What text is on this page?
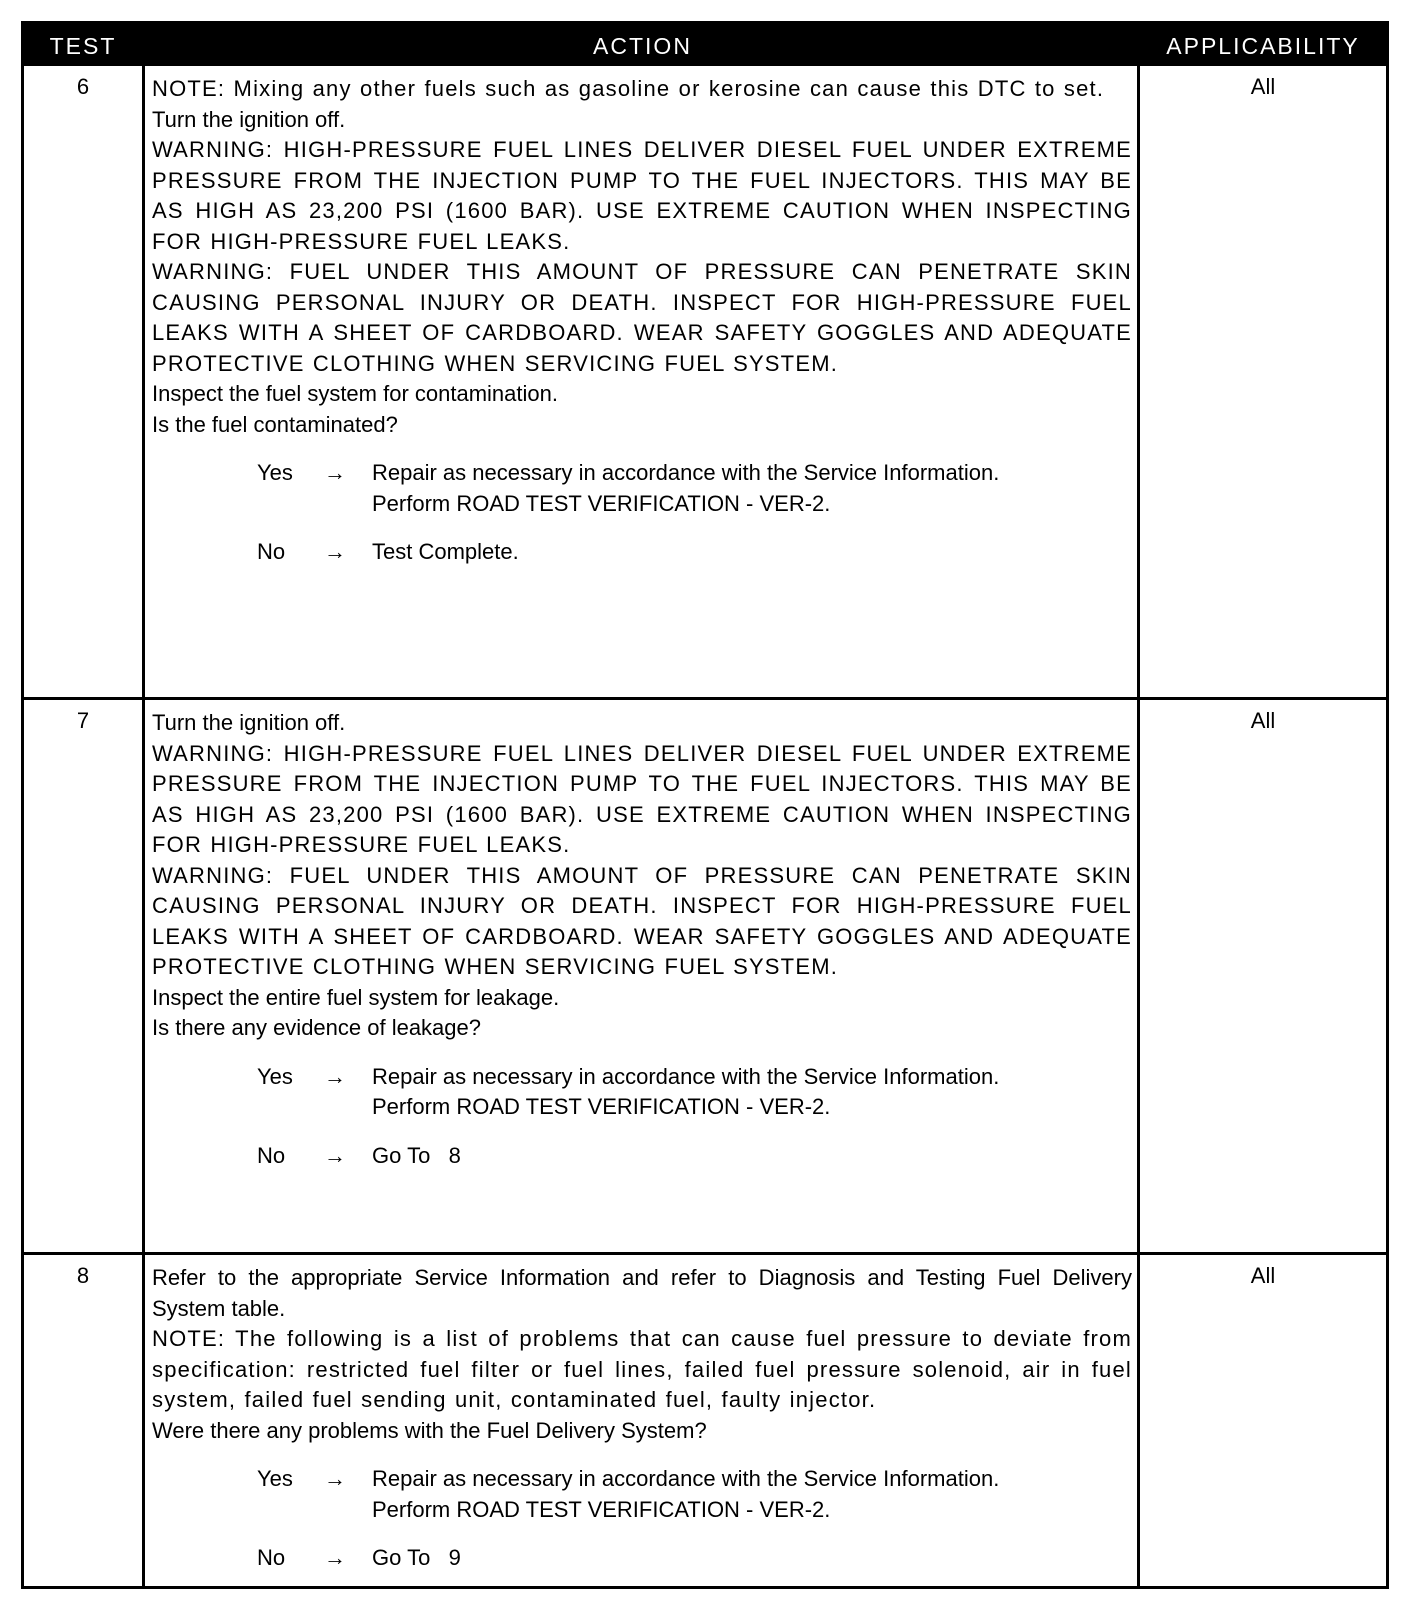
TEST	ACTION	APPLICABILITY
6	NOTE: Mixing any other fuels such as gasoline or kerosine can cause this DTC to set.

Turn the ignition off.

WARNING: HIGH-PRESSURE FUEL LINES DELIVER DIESEL FUEL UNDER EXTREME PRESSURE FROM THE INJECTION PUMP TO THE FUEL INJECTORS. THIS MAY BE AS HIGH AS 23,200 PSI (1600 BAR). USE EXTREME CAUTION WHEN INSPECTING FOR HIGH-PRESSURE FUEL LEAKS.

WARNING: FUEL UNDER THIS AMOUNT OF PRESSURE CAN PENETRATE SKIN CAUSING PERSONAL INJURY OR DEATH. INSPECT FOR HIGH-PRESSURE FUEL LEAKS WITH A SHEET OF CARDBOARD. WEAR SAFETY GOGGLES AND ADEQUATE PROTECTIVE CLOTHING WHEN SERVICING FUEL SYSTEM.

Inspect the fuel system for contamination.

Is the fuel contaminated?

Yes	→	Repair as necessary in accordance with the Service Information.
Perform ROAD TEST VERIFICATION - VER-2.
No	→	Test Complete.
All
7	Turn the ignition off.

WARNING: HIGH-PRESSURE FUEL LINES DELIVER DIESEL FUEL UNDER EXTREME PRESSURE FROM THE INJECTION PUMP TO THE FUEL INJECTORS. THIS MAY BE AS HIGH AS 23,200 PSI (1600 BAR). USE EXTREME CAUTION WHEN INSPECTING FOR HIGH-PRESSURE FUEL LEAKS.

WARNING: FUEL UNDER THIS AMOUNT OF PRESSURE CAN PENETRATE SKIN CAUSING PERSONAL INJURY OR DEATH. INSPECT FOR HIGH-PRESSURE FUEL LEAKS WITH A SHEET OF CARDBOARD. WEAR SAFETY GOGGLES AND ADEQUATE PROTECTIVE CLOTHING WHEN SERVICING FUEL SYSTEM.

Inspect the entire fuel system for leakage.

Is there any evidence of leakage?

Yes	→	Repair as necessary in accordance with the Service Information.
Perform ROAD TEST VERIFICATION - VER-2.
No	→	Go To   8
All
8	Refer to the appropriate Service Information and refer to Diagnosis and Testing Fuel Delivery System table.

NOTE: The following is a list of problems that can cause fuel pressure to deviate from specification: restricted fuel filter or fuel lines, failed fuel pressure solenoid, air in fuel system, failed fuel sending unit, contaminated fuel, faulty injector.

Were there any problems with the Fuel Delivery System?

Yes	→	Repair as necessary in accordance with the Service Information.
Perform ROAD TEST VERIFICATION - VER-2.
No	→	Go To   9
All
